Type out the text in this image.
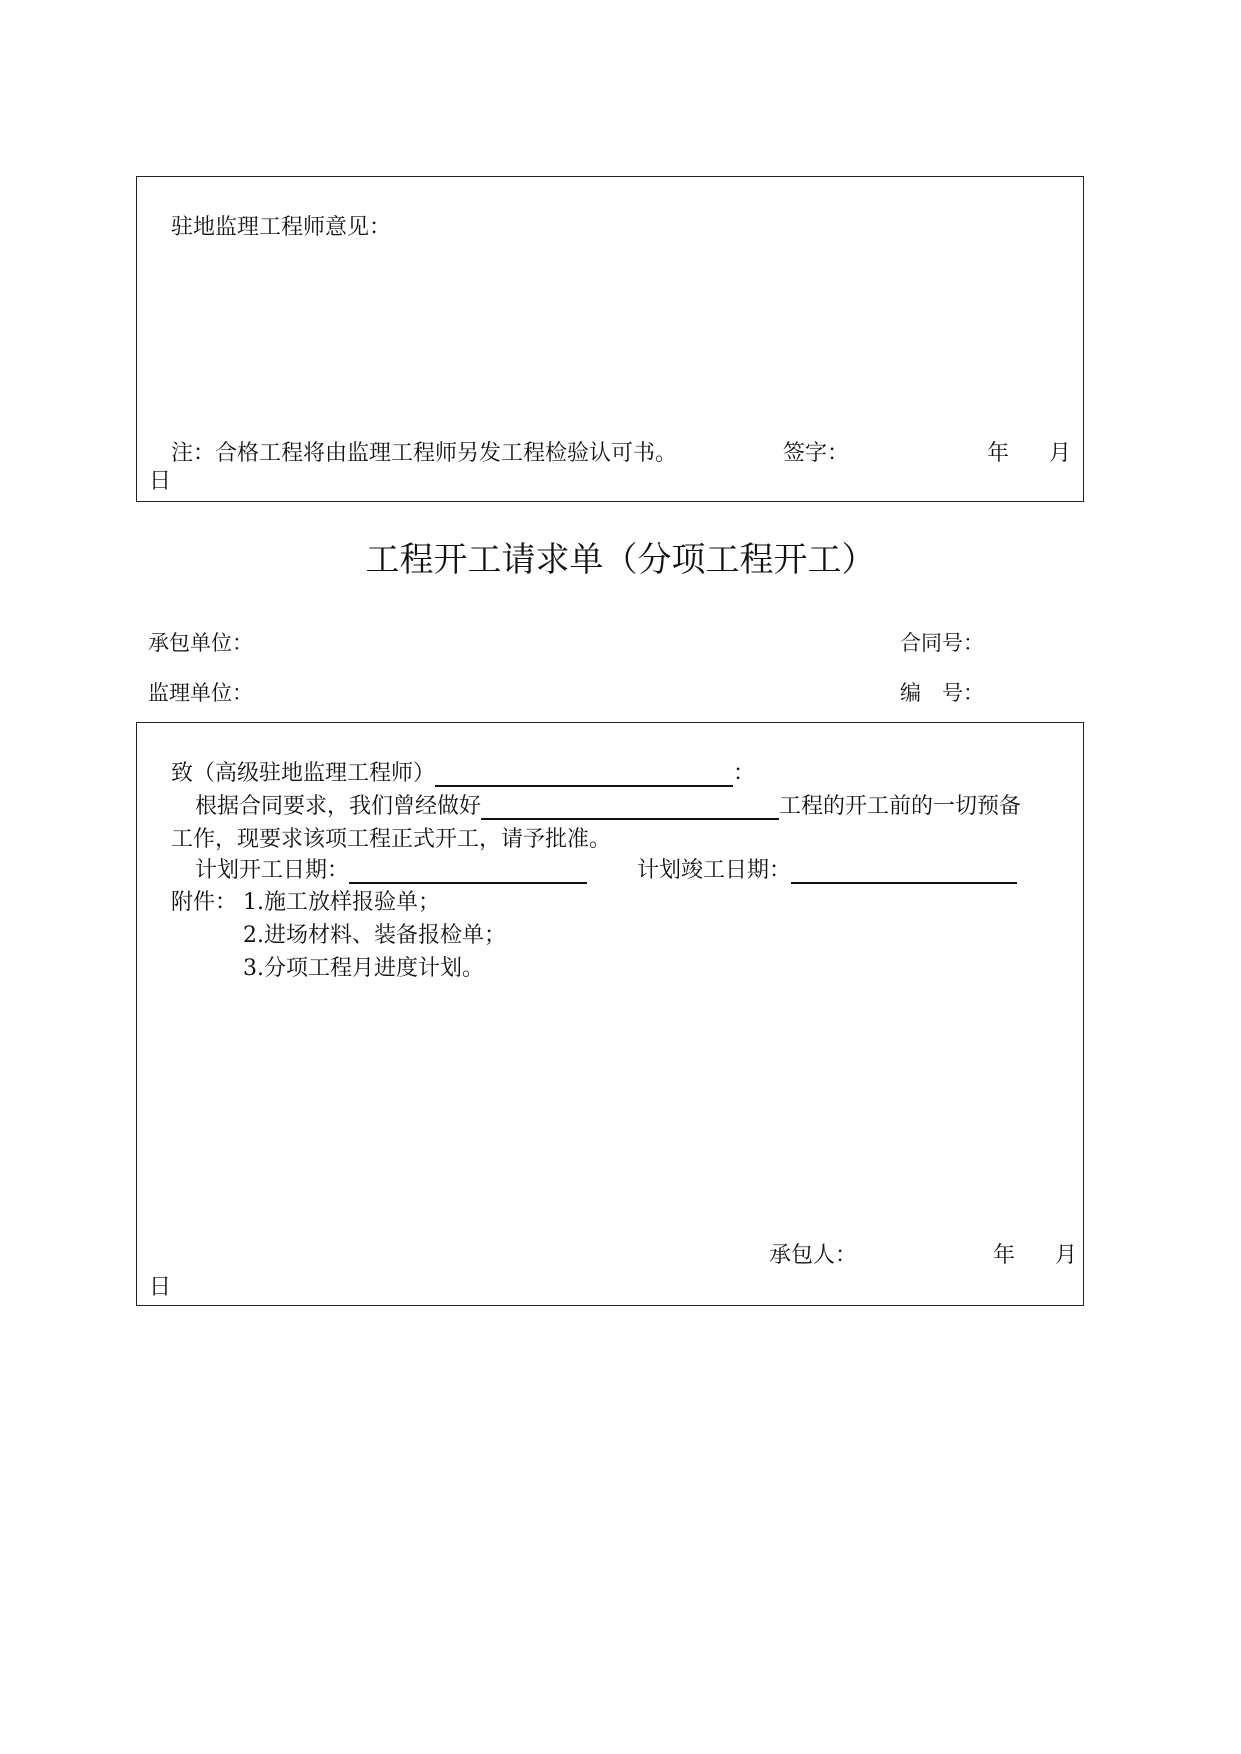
驻地监理工程师意见：
注：合格工程将由监理工程师另发工程检验认可书。	签字：	年 月
日
工程开工请求单（分项工程开工）
承包单位：	合同号：
监理单位：	编　号：
致（高级驻地监理工程师）	：
根据合同要求，我们曾经做好	工程的开工前的一切预备
工作，现要求该项工程正式开工，请予批准。
计划开工日期：	计划竣工日期：
附件： 1.施工放样报验单；
2.进场材料、装备报检单；
3.分项工程月进度计划。
承包人：	年 月
日
